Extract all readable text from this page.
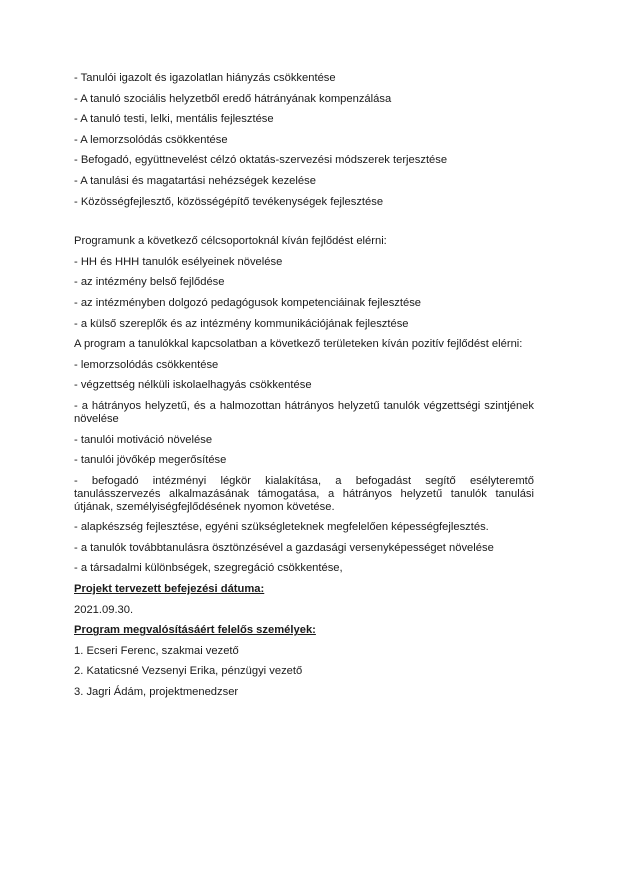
- Tanulói igazolt és igazolatlan hiányzás csökkentése

- A tanuló szociális helyzetből eredő hátrányának kompenzálása

- A tanuló testi, lelki, mentális fejlesztése

- A lemorzsolódás csökkentése

- Befogadó, együttnevelést célzó oktatás-szervezési módszerek terjesztése

- A tanulási és magatartási nehézségek kezelése

- Közösségfejlesztő, közösségépítő tevékenységek fejlesztése

Programunk a következő célcsoportoknál kíván fejlődést elérni:

- HH és HHH tanulók esélyeinek növelése

- az intézmény belső fejlődése

- az intézményben dolgozó pedagógusok kompetenciáinak fejlesztése

- a külső szereplők és az intézmény kommunikációjának fejlesztése

A program a tanulókkal kapcsolatban a következő területeken kíván pozitív fejlődést elérni:

- lemorzsolódás csökkentése

- végzettség nélküli iskolaelhagyás csökkentése

- a hátrányos helyzetű, és a halmozottan hátrányos helyzetű tanulók végzettségi szintjének növelése

- tanulói motiváció növelése

- tanulói jövőkép megerősítése

- befogadó intézményi légkör kialakítása, a befogadást segítő esélyteremtő tanulásszervezés alkalmazásának támogatása, a hátrányos helyzetű tanulók tanulási útjának, személyiségfejlődésének nyomon követése.

- alapkészség fejlesztése, egyéni szükségleteknek megfelelően képességfejlesztés.

- a tanulók továbbtanulásra ösztönzésével a gazdasági versenyképességet növelése

- a társadalmi különbségek, szegregáció csökkentése,

Projekt tervezett befejezési dátuma:

2021.09.30.

Program megvalósításáért felelős személyek:

1. Ecseri Ferenc, szakmai vezető

2. Kataticsné Vezsenyi Erika, pénzügyi vezető

3. Jagri Ádám, projektmenedzser
